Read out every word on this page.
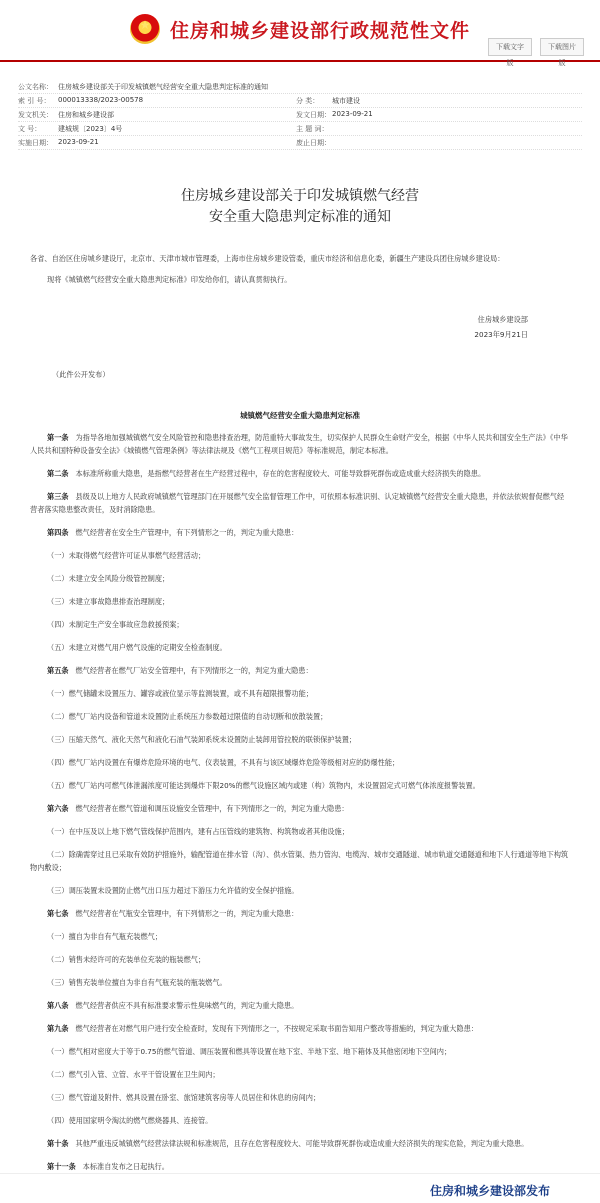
★
住房和城乡建设部行政规范性文件
下载文字版
下载图片版
公文名称： 住房城乡建设部关于印发城镇燃气经营安全重大隐患判定标准的通知
索 引 号：	000013338/2023-00578	分 类：	城市建设
发文机关： 住房和城乡建设部	发文日期： 2023-09-21
文 号：	建城规〔2023〕4号	主 题 词：
实施日期： 2023-09-21	废止日期：
住房城乡建设部关于印发城镇燃气经营
安全重大隐患判定标准的通知
各省、自治区住房城乡建设厅，北京市、天津市城市管理委，上海市住房城乡建设管委，重庆市经济和信息化委，新疆生产建设兵团住房城乡建设局：
现将《城镇燃气经营安全重大隐患判定标准》印发给你们，请认真贯彻执行。
住房城乡建设部
2023年9月21日
（此件公开发布）
城镇燃气经营安全重大隐患判定标准
第一条 为指导各地加强城镇燃气安全风险管控和隐患排查治理，防范重特大事故发生，切实保护人民群众生命财产安全，根据《中华人民共和国安全生产法》《中华人民共和国特种设备安全法》《城镇燃气管理条例》等法律法规及《燃气工程项目规范》等标准规范，制定本标准。
第二条 本标准所称重大隐患，是指燃气经营者在生产经营过程中，存在的危害程度较大、可能导致群死群伤或造成重大经济损失的隐患。
第三条 县级及以上地方人民政府城镇燃气管理部门在开展燃气安全监督管理工作中，可依照本标准识别、认定城镇燃气经营安全重大隐患，并依法依规督促燃气经营者落实隐患整改责任，及时消除隐患。
第四条 燃气经营者在安全生产管理中，有下列情形之一的，判定为重大隐患：
（一）未取得燃气经营许可证从事燃气经营活动；
（二）未建立安全风险分级管控制度；
（三）未建立事故隐患排查治理制度；
（四）未制定生产安全事故应急救援预案；
（五）未建立对燃气用户燃气设施的定期安全检查制度。
第五条 燃气经营者在燃气厂站安全管理中，有下列情形之一的，判定为重大隐患：
（一）燃气储罐未设置压力、罐容或液位显示等监测装置，或不具有超限报警功能；
（二）燃气厂站内设备和管道未设置防止系统压力参数超过限值的自动切断和放散装置；
（三）压缩天然气、液化天然气和液化石油气装卸系统未设置防止装卸用管拉脱的联锁保护装置；
（四）燃气厂站内设置在有爆炸危险环境的电气、仪表装置，不具有与该区域爆炸危险等级相对应的防爆性能；
（五）燃气厂站内可燃气体泄漏浓度可能达到爆炸下限20%的燃气设施区域内或建（构）筑物内，未设置固定式可燃气体浓度报警装置。
第六条 燃气经营者在燃气管道和调压设施安全管理中，有下列情形之一的，判定为重大隐患：
（一）在中压及以上地下燃气管线保护范围内，建有占压管线的建筑物、构筑物或者其他设施；
（二）除确需穿过且已采取有效防护措施外，输配管道在排水管（沟）、供水管渠、热力管沟、电缆沟、城市交通隧道、城市轨道交通隧道和地下人行通道等地下构筑物内敷设；
（三）调压装置未设置防止燃气出口压力超过下游压力允许值的安全保护措施。
第七条 燃气经营者在气瓶安全管理中，有下列情形之一的，判定为重大隐患：
（一）擅自为非自有气瓶充装燃气；
（二）销售未经许可的充装单位充装的瓶装燃气；
（三）销售充装单位擅自为非自有气瓶充装的瓶装燃气。
第八条 燃气经营者供应不具有标准要求警示性臭味燃气的，判定为重大隐患。
第九条 燃气经营者在对燃气用户进行安全检查时，发现有下列情形之一，不按规定采取书面告知用户整改等措施的，判定为重大隐患：
（一）燃气相对密度大于等于0.75的燃气管道、调压装置和燃具等设置在地下室、半地下室、地下箱体及其他密闭地下空间内；
（二）燃气引入管、立管、水平干管设置在卫生间内；
（三）燃气管道及附件、燃具设置在卧室、旅馆建筑客房等人员居住和休息的房间内；
（四）使用国家明令淘汰的燃气燃烧器具、连接管。
第十条 其他严重违反城镇燃气经营法律法规和标准规范，且存在危害程度较大、可能导致群死群伤或造成重大经济损失的现实危险，判定为重大隐患。
第十一条 本标准自发布之日起执行。
住房和城乡建设部发布
